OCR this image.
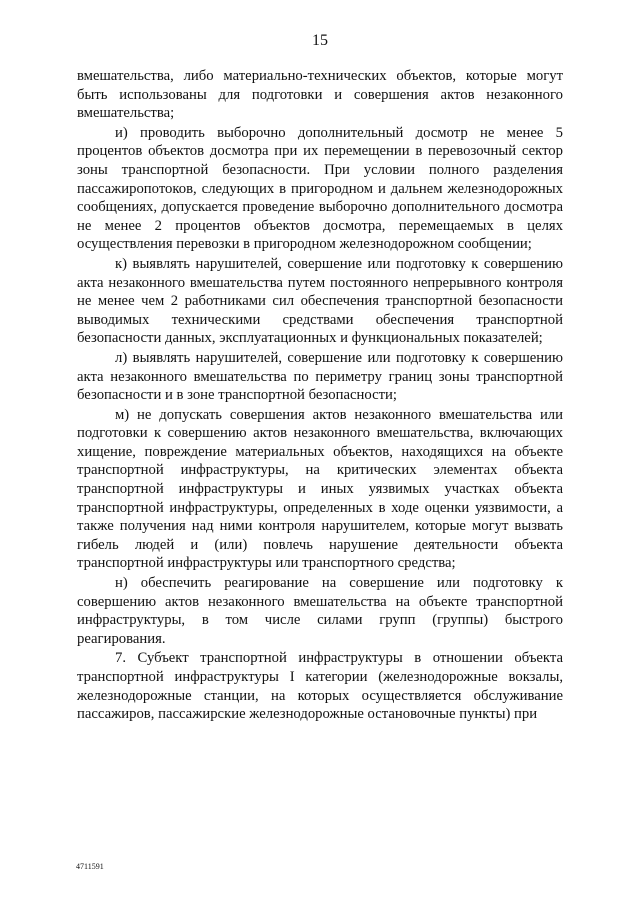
15

вмешательства, либо материально-технических объектов, которые могут быть использованы для подготовки и совершения актов незаконного вмешательства;

и) проводить выборочно дополнительный досмотр не менее 5 процентов объектов досмотра при их перемещении в перевозочный сектор зоны транспортной безопасности. При условии полного разделения пассажиропотоков, следующих в пригородном и дальнем железнодорожных сообщениях, допускается проведение выборочно дополнительного досмотра не менее 2 процентов объектов досмотра, перемещаемых в целях осуществления перевозки в пригородном железнодорожном сообщении;

к) выявлять нарушителей, совершение или подготовку к совершению акта незаконного вмешательства путем постоянного непрерывного контроля не менее чем 2 работниками сил обеспечения транспортной безопасности выводимых техническими средствами обеспечения транспортной безопасности данных, эксплуатационных и функциональных показателей;

л) выявлять нарушителей, совершение или подготовку к совершению акта незаконного вмешательства по периметру границ зоны транспортной безопасности и в зоне транспортной безопасности;

м) не допускать совершения актов незаконного вмешательства или подготовки к совершению актов незаконного вмешательства, включающих хищение, повреждение материальных объектов, находящихся на объекте транспортной инфраструктуры, на критических элементах объекта транспортной инфраструктуры и иных уязвимых участках объекта транспортной инфраструктуры, определенных в ходе оценки уязвимости, а также получения над ними контроля нарушителем, которые могут вызвать гибель людей и (или) повлечь нарушение деятельности объекта транспортной инфраструктуры или транспортного средства;

н) обеспечить реагирование на совершение или подготовку к совершению актов незаконного вмешательства на объекте транспортной инфраструктуры, в том числе силами групп (группы) быстрого реагирования.

7. Субъект транспортной инфраструктуры в отношении объекта транспортной инфраструктуры I категории (железнодорожные вокзалы, железнодорожные станции, на которых осуществляется обслуживание пассажиров, пассажирские железнодорожные остановочные пункты) при

4711591
